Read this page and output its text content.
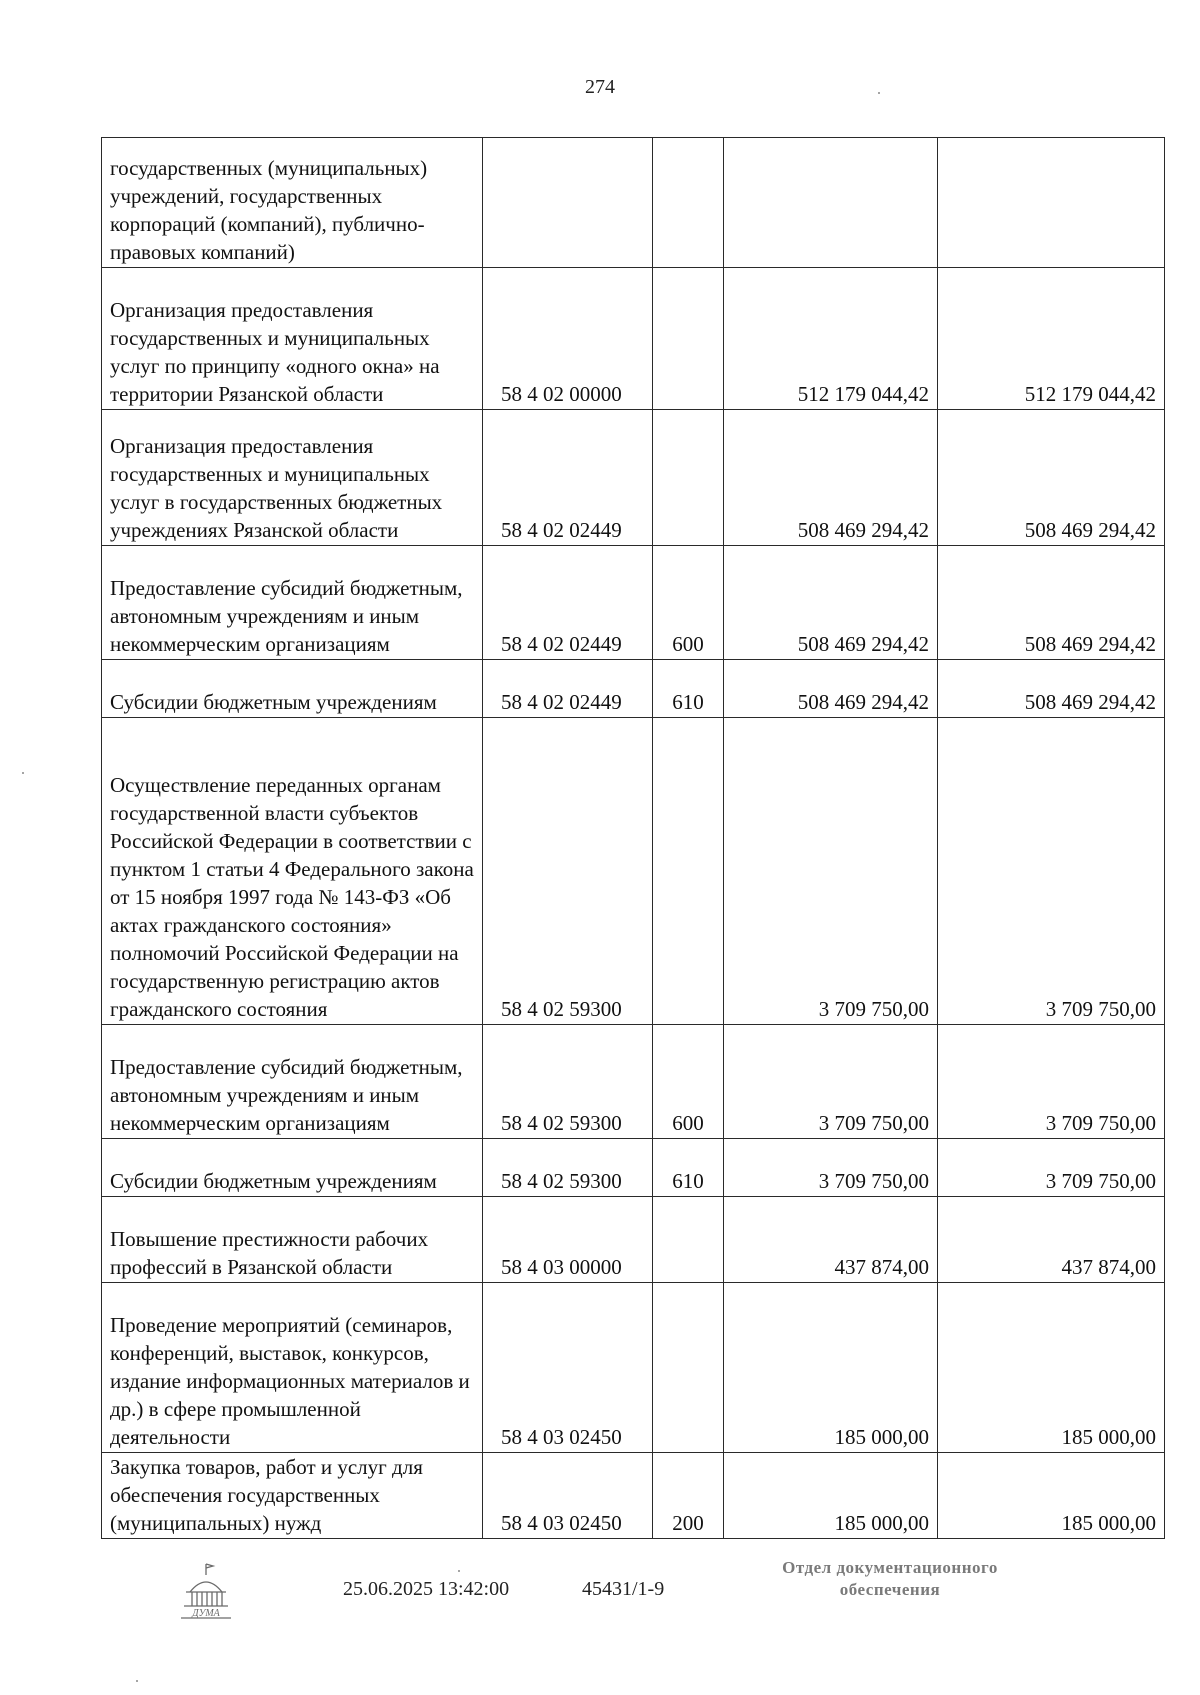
274
государственных (муниципальных) учреждений, государственных корпораций (компаний), публично-правовых компаний)				
Организация предоставления государственных и муниципальных услуг по принципу «одного окна» на территории Рязанской области	58 4 02 00000		512 179 044,42	512 179 044,42
Организация предоставления государственных и муниципальных услуг в государственных бюджетных учреждениях Рязанской области	58 4 02 02449		508 469 294,42	508 469 294,42
Предоставление субсидий бюджетным, автономным учреждениям и иным некоммерческим организациям	58 4 02 02449	600	508 469 294,42	508 469 294,42
Субсидии бюджетным учреждениям	58 4 02 02449	610	508 469 294,42	508 469 294,42
Осуществление переданных органам государственной власти субъектов Российской Федерации в соответствии с пунктом 1 статьи 4 Федерального закона от 15 ноября 1997 года № 143-ФЗ «Об актах гражданского состояния» полномочий Российской Федерации на государственную регистрацию актов гражданского состояния	58 4 02 59300		3 709 750,00	3 709 750,00
Предоставление субсидий бюджетным, автономным учреждениям и иным некоммерческим организациям	58 4 02 59300	600	3 709 750,00	3 709 750,00
Субсидии бюджетным учреждениям	58 4 02 59300	610	3 709 750,00	3 709 750,00
Повышение престижности рабочих профессий в Рязанской области	58 4 03 00000		437 874,00	437 874,00
Проведение мероприятий (семинаров, конференций, выставок, конкурсов, издание информационных материалов и др.) в сфере промышленной деятельности	58 4 03 02450		185 000,00	185 000,00
Закупка товаров, работ и услуг для обеспечения государственных (муниципальных) нужд	58 4 03 02450	200	185 000,00	185 000,00
ДУМА
25.06.2025 13:42:00	45431/1-9
Отдел документационного
обеспечения
